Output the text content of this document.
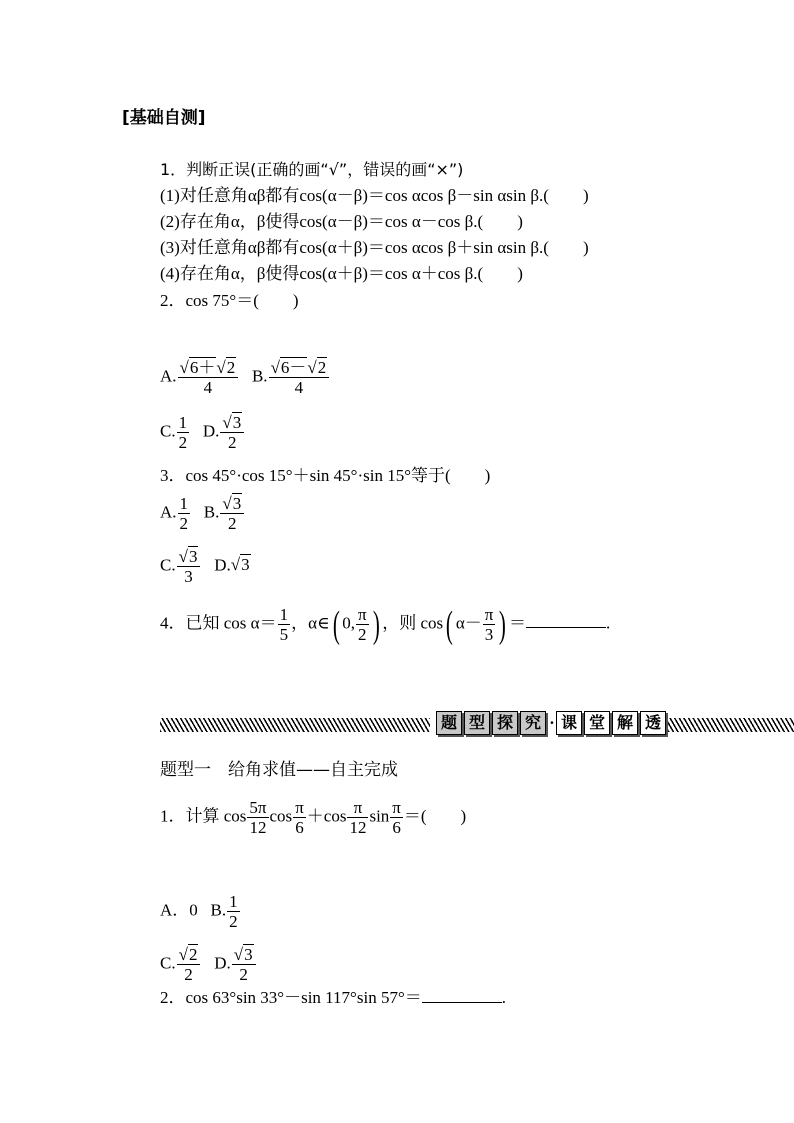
[基础自测]
1．判断正误(正确的画“√”，错误的画“×”)
(1)对任意角αβ都有cos(α－β)＝cos αcos β－sin αsin β.(　　)
(2)存在角α，β使得cos(α－β)＝cos α－cos β.(　　)
(3)对任意角αβ都有cos(α＋β)＝cos αcos β＋sin αsin β.(　　)
(4)存在角α，β使得cos(α＋β)＝cos α＋cos β.(　　)
2．cos 75°＝(　　)
A. $\frac{√6+√2}{4} B$. $\frac{√6-√2}{4}$
C. $\frac{1}{2} D$. $\frac{√3}{2}$
3．cos 45°·cos 15°＋sin 45°·sin 15°等于(　　)
A. $\frac{1}{2} B$. $\frac{√3}{2}$
C. $\frac{√3}{3} D.√3$
4．已知 $\cos \alpha= \frac{1}{5}$ ，α∈( 0, $\frac{\pi}{2}$ ) ，则 cos( $\alpha- \frac{\pi}{3}$ ) ＝	.
题 型 探 究 · 课 堂 解 透
题型一　给角求值——自主完成
1．计算 $\cos \frac{5\pi}{12}$ $\cos \frac{\pi}{6} +\cos \frac{\pi}{12}$ $\sin \frac{\pi}{6}$ ＝(　　)
A．0 B. $\frac{1}{2}$
C. $\frac{√2}{2} D$. $\frac{√3}{2}$
2．cos 63°sin 33°－sin 117°sin 57°＝	.
